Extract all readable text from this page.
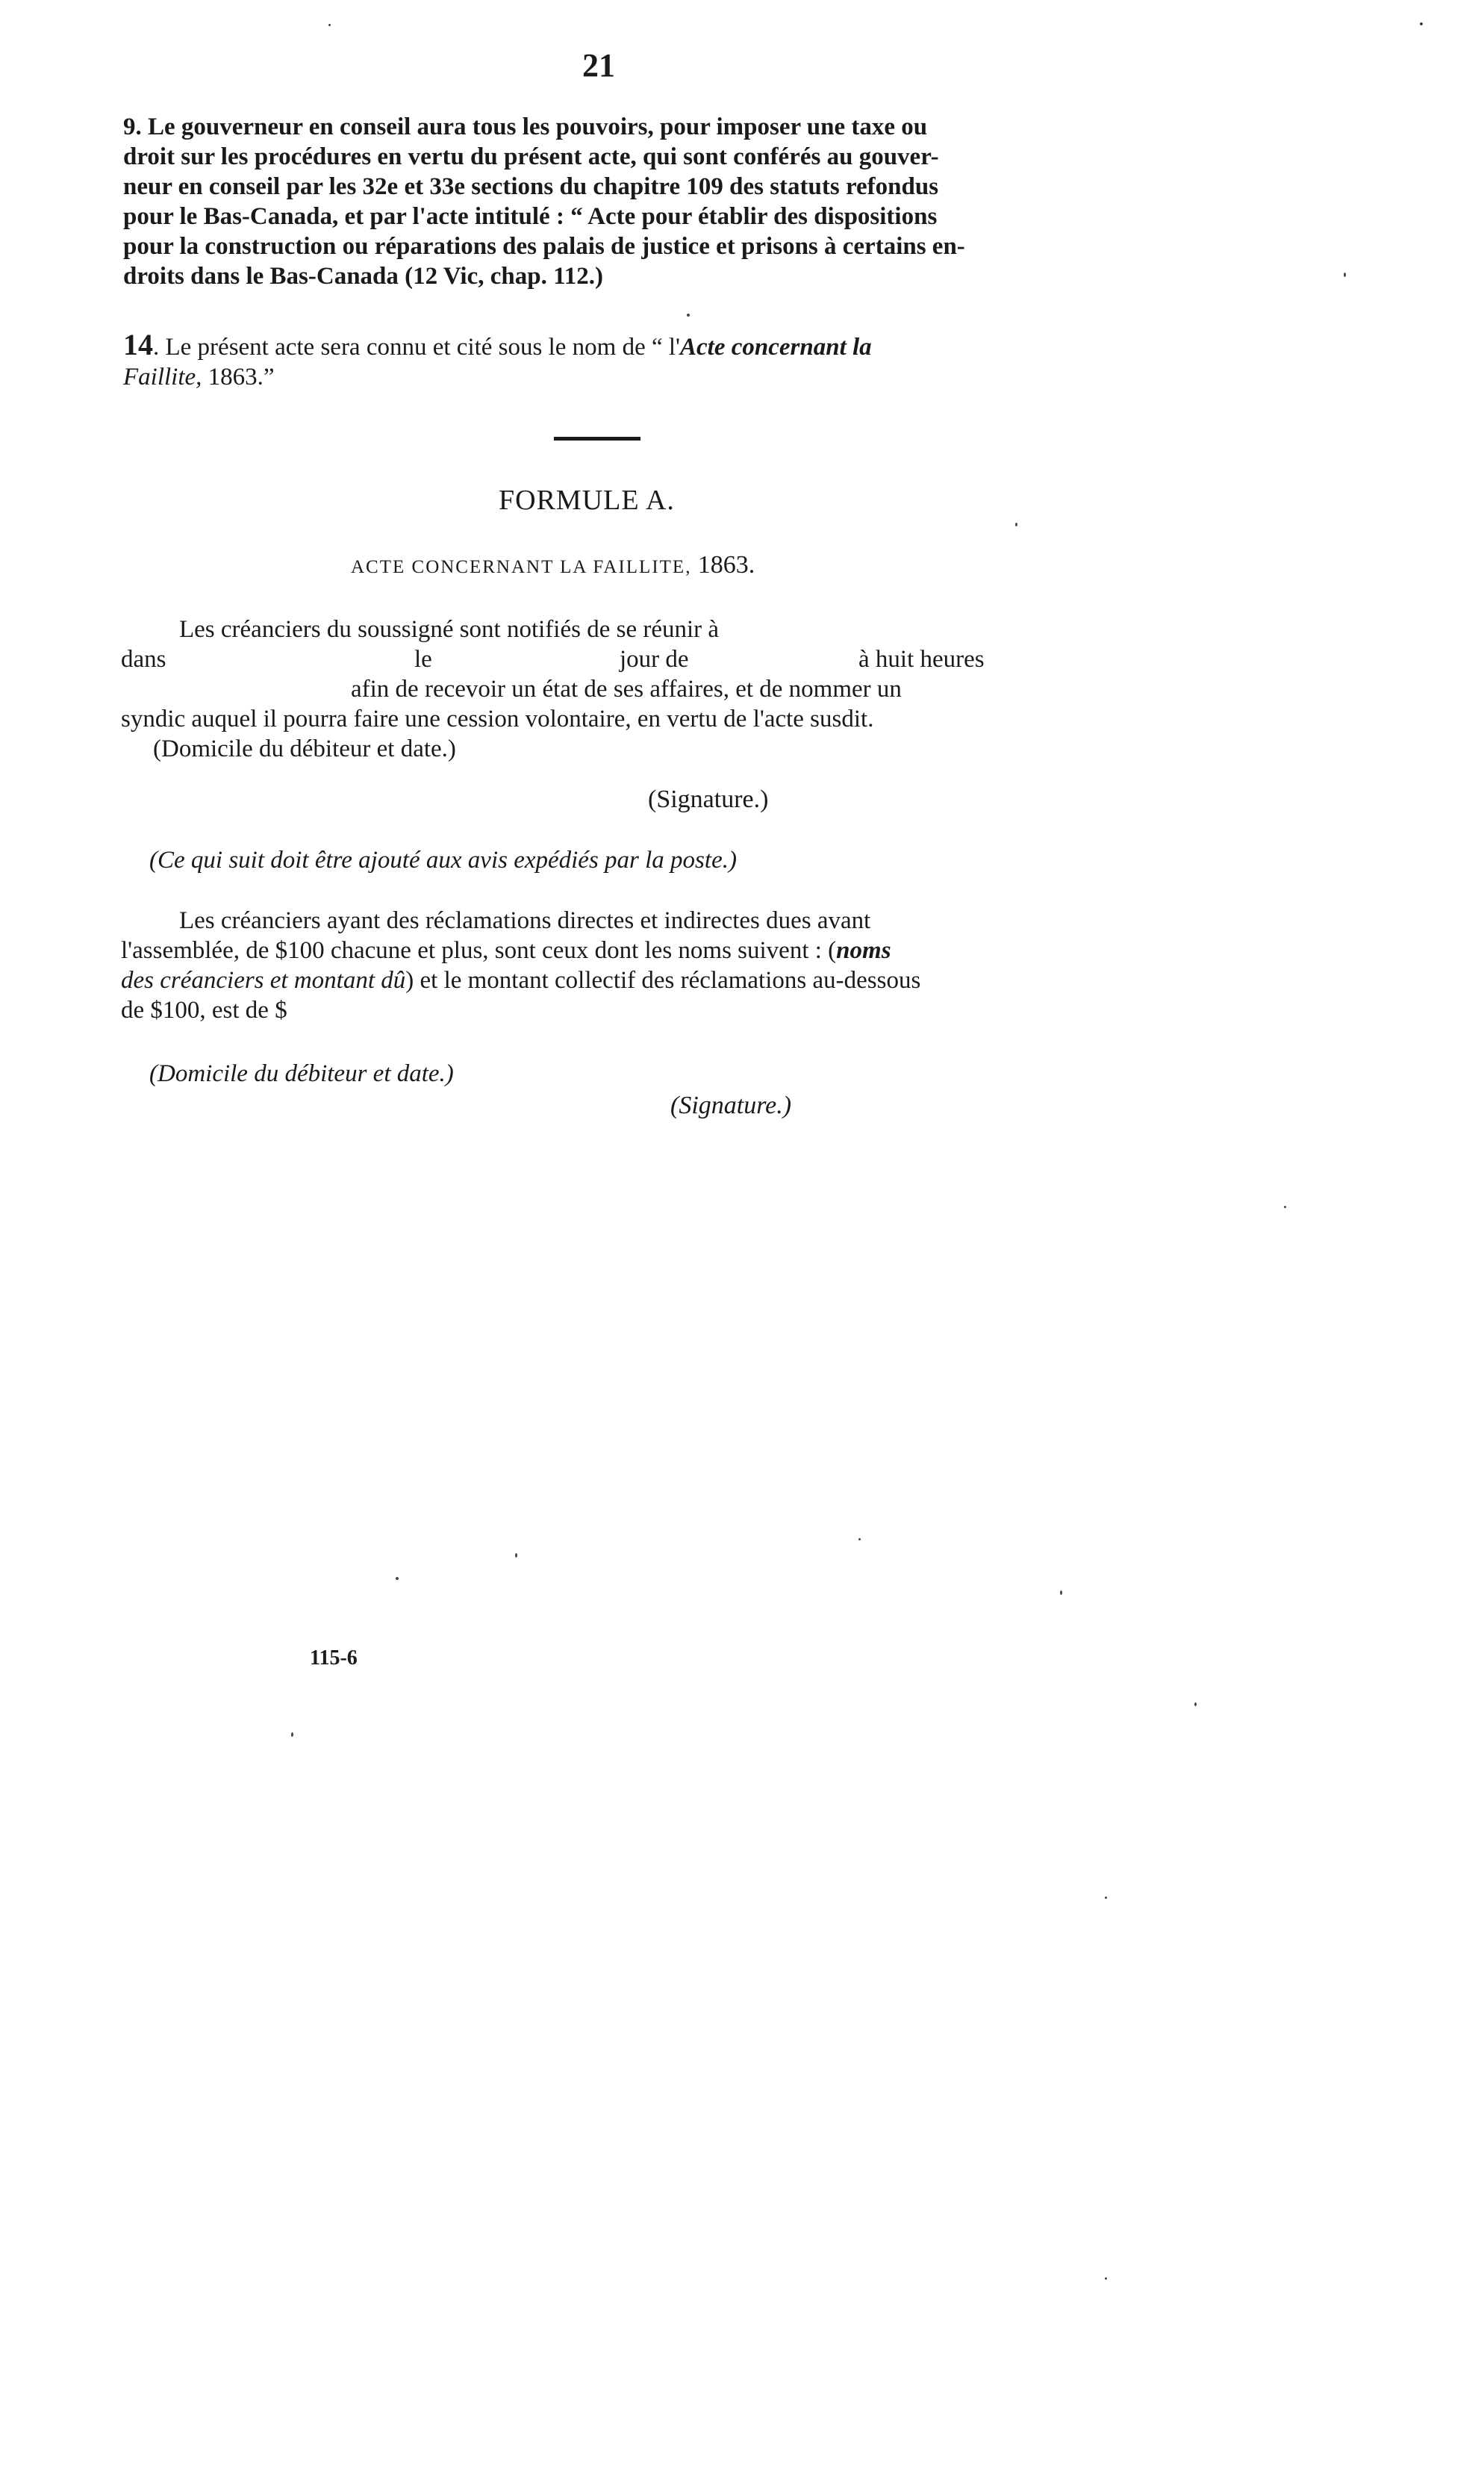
21
9. Le gouverneur en conseil aura tous les pouvoirs, pour imposer une taxe ou
droit sur les procédures en vertu du présent acte, qui sont conférés au gouver-
neur en conseil par les 32e et 33e sections du chapitre 109 des statuts refondus
pour le Bas-Canada, et par l'acte intitulé : “ Acte pour établir des dispositions
pour la construction ou réparations des palais de justice et prisons à certains en-
droits dans le Bas-Canada (12 Vic, chap. 112.)
14. Le présent acte sera connu et cité sous le nom de “ l'Acte concernant la
Faillite, 1863.”
FORMULE A.
ACTE CONCERNANT LA FAILLITE, 1863.
Les créanciers du soussigné sont notifiés de se réunir à
dans	le	jour de	à huit heures
afin de recevoir un état de ses affaires, et de nommer un
syndic auquel il pourra faire une cession volontaire, en vertu de l'acte susdit.
(Domicile du débiteur et date.)
(Signature.)
(Ce qui suit doit être ajouté aux avis expédiés par la poste.)
Les créanciers ayant des réclamations directes et indirectes dues avant
l'assemblée, de $100 chacune et plus, sont ceux dont les noms suivent : (noms
des créanciers et montant dû) et le montant collectif des réclamations au-dessous
de $100, est de $
(Domicile du débiteur et date.)
(Signature.)
115-6
